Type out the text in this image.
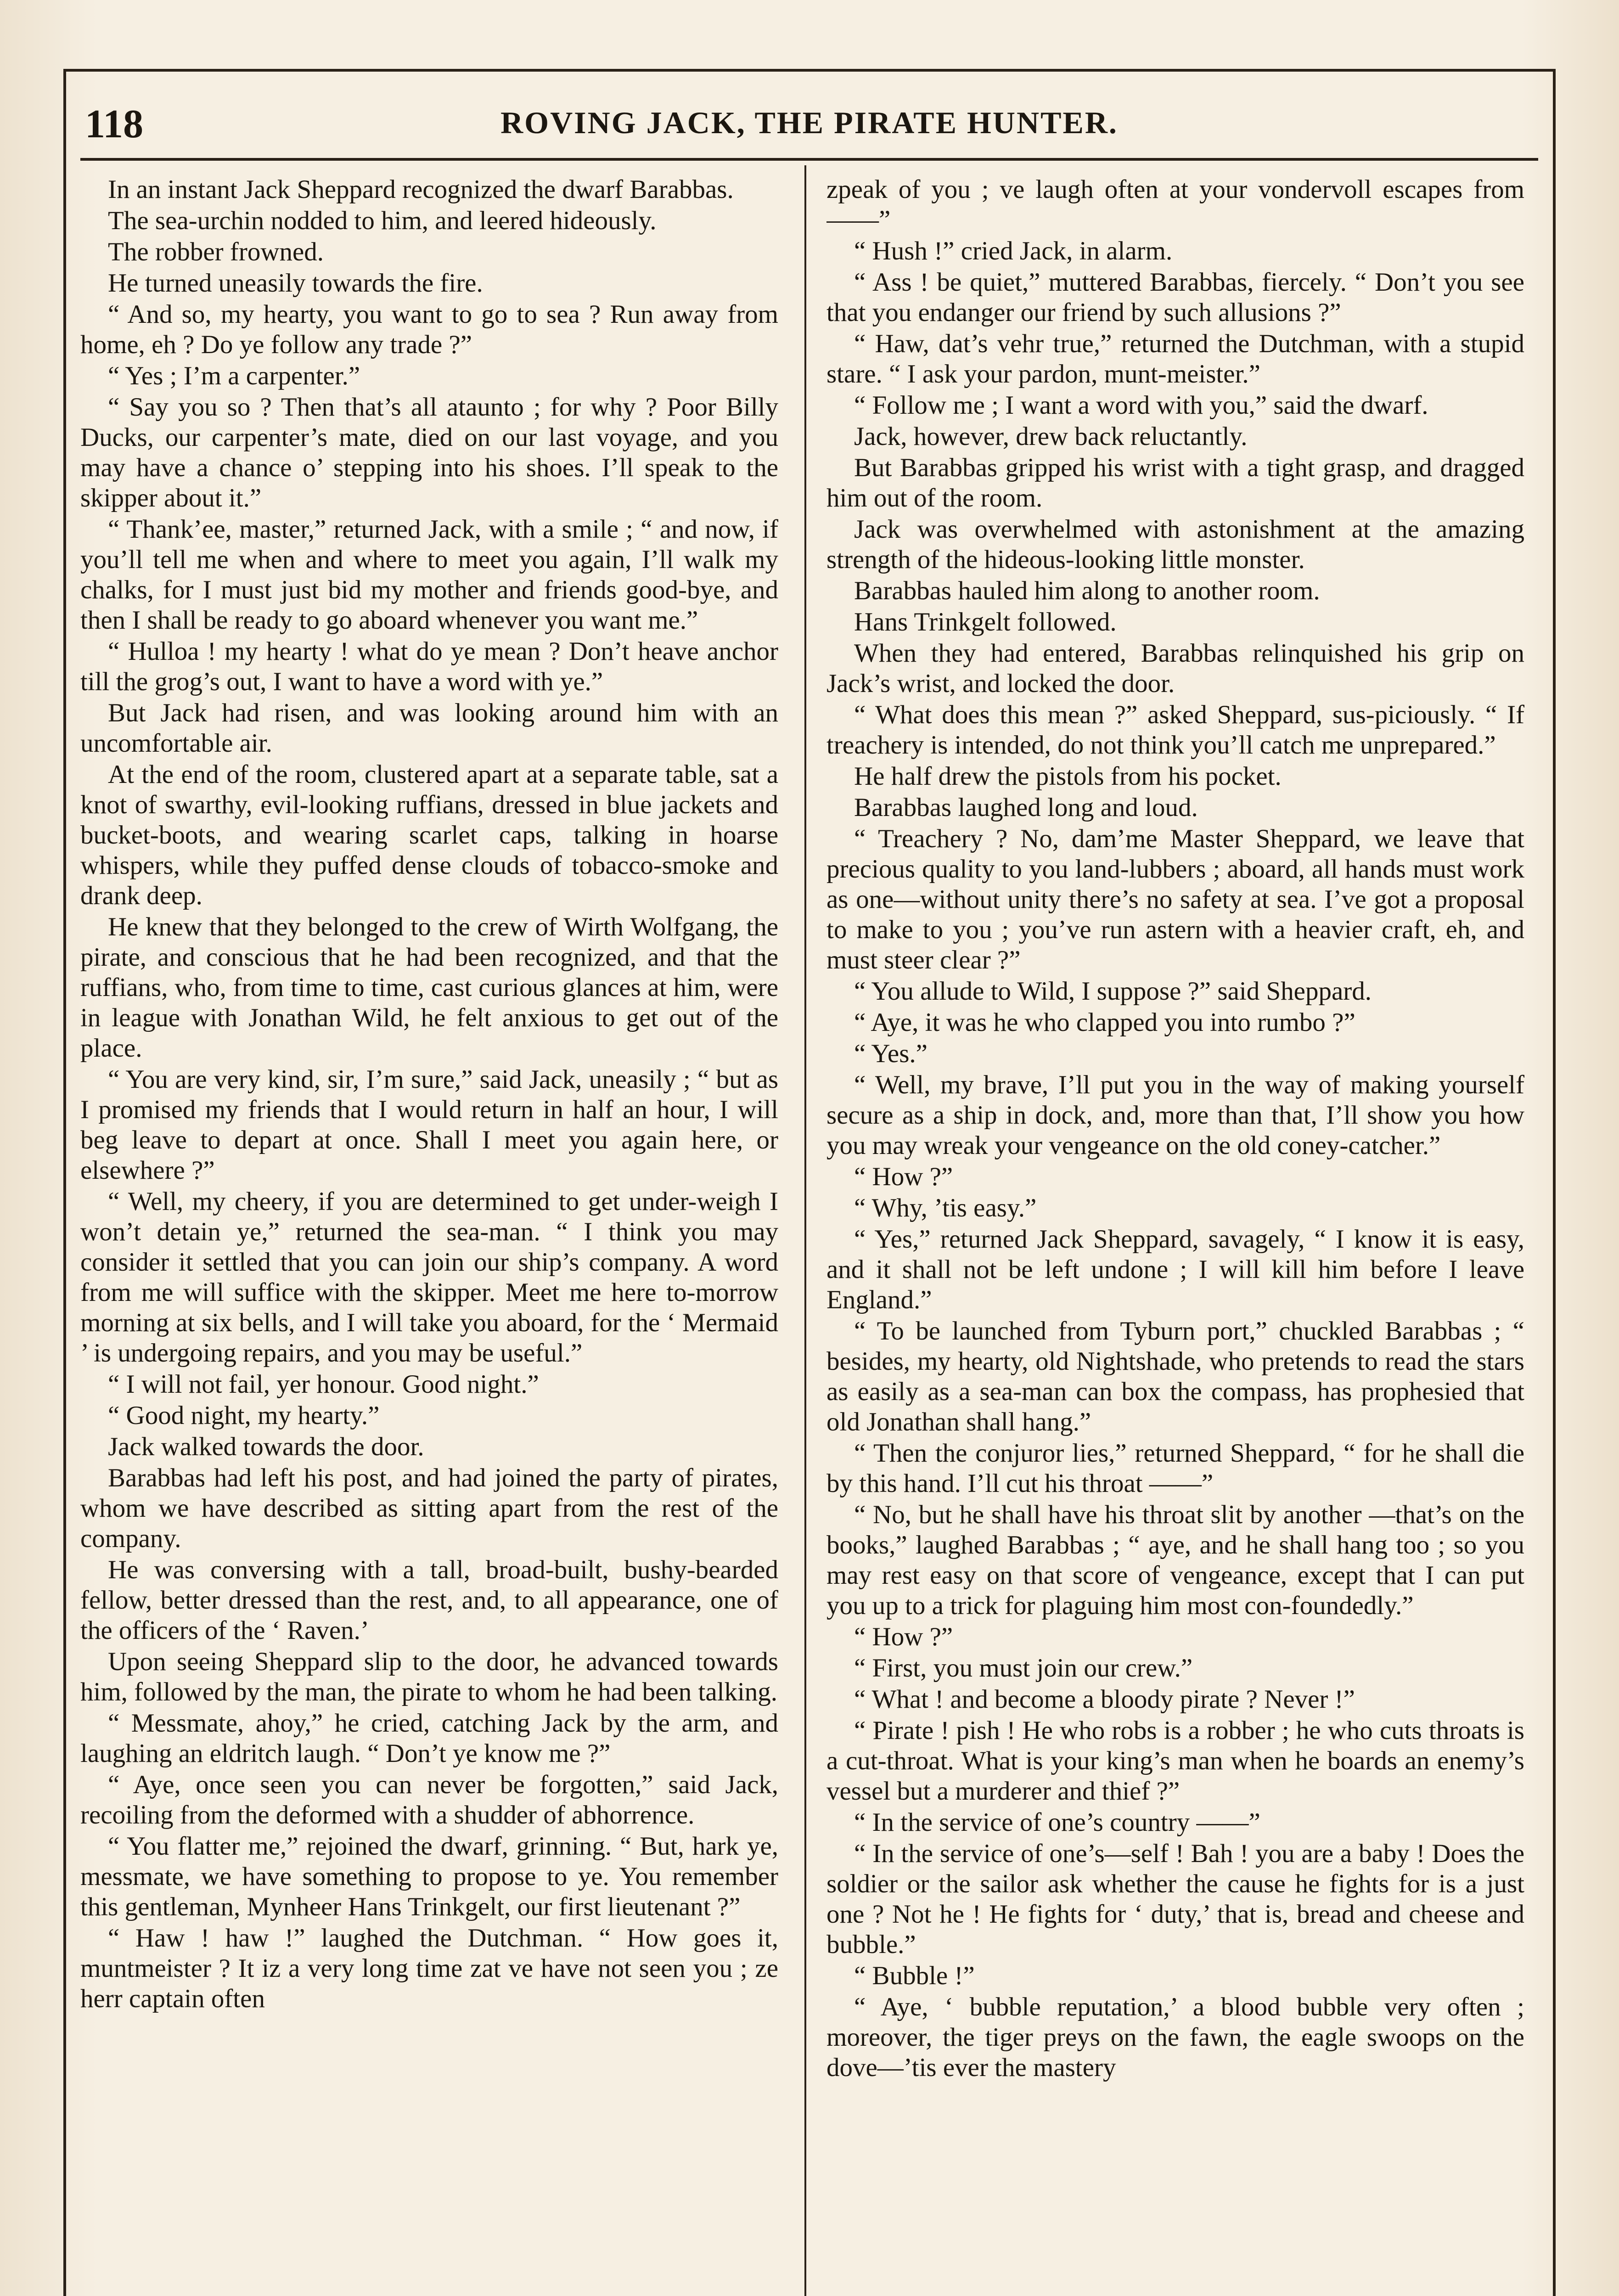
118	ROVING JACK, THE PIRATE HUNTER.

In an instant Jack Sheppard recognized the dwarf Barabbas.

The sea-urchin nodded to him, and leered hideously.

The robber frowned.

He turned uneasily towards the fire.

“ And so, my hearty, you want to go to sea ? Run away from home, eh ? Do ye follow any trade ?”

“ Yes ; I’m a carpenter.”

“ Say you so ? Then that’s all ataunto ; for why ? Poor Billy Ducks, our carpenter’s mate, died on our last voyage, and you may have a chance o’ stepping into his shoes. I’ll speak to the skipper about it.”

“ Thank’ee, master,” returned Jack, with a smile ; “ and now, if you’ll tell me when and where to meet you again, I’ll walk my chalks, for I must just bid my mother and friends good-bye, and then I shall be ready to go aboard whenever you want me.”

“ Hulloa ! my hearty ! what do ye mean ? Don’t heave anchor till the grog’s out, I want to have a word with ye.”

But Jack had risen, and was looking around him with an uncomfortable air.

At the end of the room, clustered apart at a separate table, sat a knot of swarthy, evil-looking ruffians, dressed in blue jackets and bucket-boots, and wearing scarlet caps, talking in hoarse whispers, while they puffed dense clouds of tobacco-smoke and drank deep.

He knew that they belonged to the crew of Wirth Wolfgang, the pirate, and conscious that he had been recognized, and that the ruffians, who, from time to time, cast curious glances at him, were in league with Jonathan Wild, he felt anxious to get out of the place.

“ You are very kind, sir, I’m sure,” said Jack, uneasily ; “ but as I promised my friends that I would return in half an hour, I will beg leave to depart at once. Shall I meet you again here, or elsewhere ?”

“ Well, my cheery, if you are determined to get under-weigh I won’t detain ye,” returned the sea-man. “ I think you may consider it settled that you can join our ship’s company. A word from me will suffice with the skipper. Meet me here to-morrow morning at six bells, and I will take you aboard, for the ‘ Mermaid ’ is undergoing repairs, and you may be useful.”

“ I will not fail, yer honour. Good night.”

“ Good night, my hearty.”

Jack walked towards the door.

Barabbas had left his post, and had joined the party of pirates, whom we have described as sitting apart from the rest of the company.

He was conversing with a tall, broad-built, bushy-bearded fellow, better dressed than the rest, and, to all appearance, one of the officers of the ‘ Raven.’

Upon seeing Sheppard slip to the door, he advanced towards him, followed by the man, the pirate to whom he had been talking.

“ Messmate, ahoy,” he cried, catching Jack by the arm, and laughing an eldritch laugh. “ Don’t ye know me ?”

“ Aye, once seen you can never be forgotten,” said Jack, recoiling from the deformed with a shudder of abhorrence.

“ You flatter me,” rejoined the dwarf, grinning. “ But, hark ye, messmate, we have something to propose to ye. You remember this gentleman, Mynheer Hans Trinkgelt, our first lieutenant ?”

“ Haw ! haw !” laughed the Dutchman. “ How goes it, muntmeister ? It iz a very long time zat ve have not seen you ; ze herr captain often

zpeak of you ; ve laugh often at your vondervoll escapes from——”

“ Hush !” cried Jack, in alarm.

“ Ass ! be quiet,” muttered Barabbas, fiercely. “ Don’t you see that you endanger our friend by such allusions ?”

“ Haw, dat’s vehr true,” returned the Dutchman, with a stupid stare. “ I ask your pardon, munt-meister.”

“ Follow me ; I want a word with you,” said the dwarf.

Jack, however, drew back reluctantly.

But Barabbas gripped his wrist with a tight grasp, and dragged him out of the room.

Jack was overwhelmed with astonishment at the amazing strength of the hideous-looking little monster.

Barabbas hauled him along to another room.

Hans Trinkgelt followed.

When they had entered, Barabbas relinquished his grip on Jack’s wrist, and locked the door.

“ What does this mean ?” asked Sheppard, sus-piciously. “ If treachery is intended, do not think you’ll catch me unprepared.”

He half drew the pistols from his pocket.

Barabbas laughed long and loud.

“ Treachery ? No, dam’me Master Sheppard, we leave that precious quality to you land-lubbers ; aboard, all hands must work as one—without unity there’s no safety at sea. I’ve got a proposal to make to you ; you’ve run astern with a heavier craft, eh, and must steer clear ?”

“ You allude to Wild, I suppose ?” said Sheppard.

“ Aye, it was he who clapped you into rumbo ?”

“ Yes.”

“ Well, my brave, I’ll put you in the way of making yourself secure as a ship in dock, and, more than that, I’ll show you how you may wreak your vengeance on the old coney-catcher.”

“ How ?”

“ Why, ’tis easy.”

“ Yes,” returned Jack Sheppard, savagely, “ I know it is easy, and it shall not be left undone ; I will kill him before I leave England.”

“ To be launched from Tyburn port,” chuckled Barabbas ; “ besides, my hearty, old Nightshade, who pretends to read the stars as easily as a sea-man can box the compass, has prophesied that old Jonathan shall hang.”

“ Then the conjuror lies,” returned Sheppard, “ for he shall die by this hand. I’ll cut his throat ——”

“ No, but he shall have his throat slit by another —that’s on the books,” laughed Barabbas ; “ aye, and he shall hang too ; so you may rest easy on that score of vengeance, except that I can put you up to a trick for plaguing him most con-foundedly.”

“ How ?”

“ First, you must join our crew.”

“ What ! and become a bloody pirate ? Never !”

“ Pirate ! pish ! He who robs is a robber ; he who cuts throats is a cut-throat. What is your king’s man when he boards an enemy’s vessel but a murderer and thief ?”

“ In the service of one’s country ——”

“ In the service of one’s—self ! Bah ! you are a baby ! Does the soldier or the sailor ask whether the cause he fights for is a just one ? Not he ! He fights for ‘ duty,’ that is, bread and cheese and bubble.”

“ Bubble !”

“ Aye, ‘ bubble reputation,’ a blood bubble very often ; moreover, the tiger preys on the fawn, the eagle swoops on the dove—’tis ever the mastery
